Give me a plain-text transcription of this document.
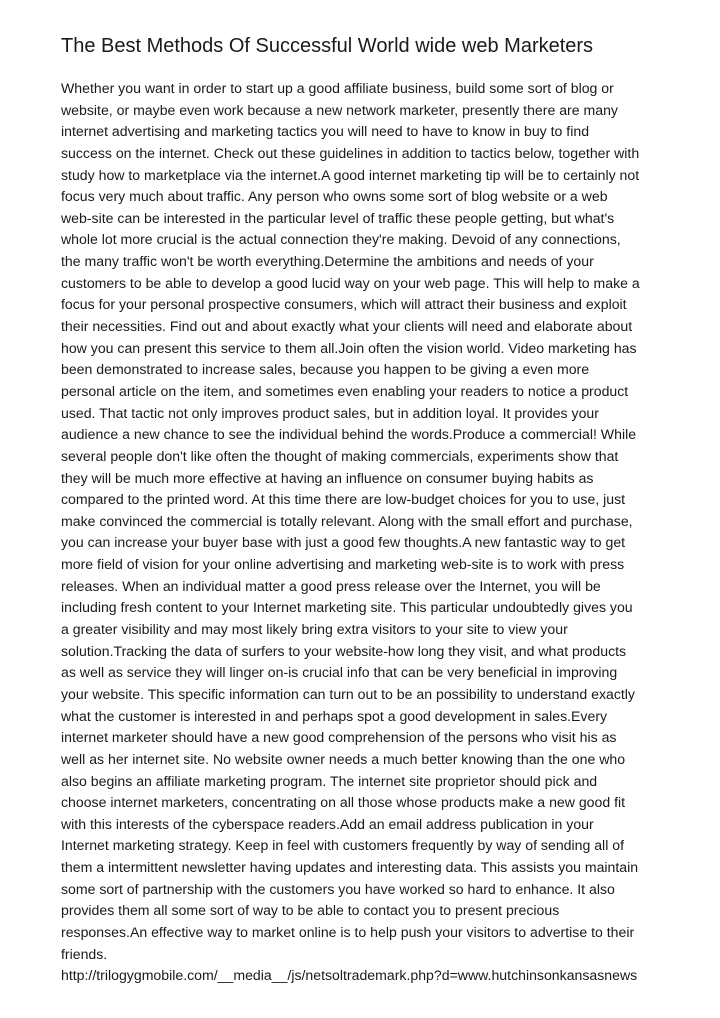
The Best Methods Of Successful World wide web Marketers
Whether you want in order to start up a good affiliate business, build some sort of blog or
website, or maybe even work because a new network marketer, presently there are many
internet advertising and marketing tactics you will need to have to know in buy to find
success on the internet. Check out these guidelines in addition to tactics below, together with
study how to marketplace via the internet.A good internet marketing tip will be to certainly not
focus very much about traffic. Any person who owns some sort of blog website or a web
web-site can be interested in the particular level of traffic these people getting, but what's
whole lot more crucial is the actual connection they're making. Devoid of any connections,
the many traffic won't be worth everything.Determine the ambitions and needs of your
customers to be able to develop a good lucid way on your web page. This will help to make a
focus for your personal prospective consumers, which will attract their business and exploit
their necessities. Find out and about exactly what your clients will need and elaborate about
how you can present this service to them all.Join often the vision world. Video marketing has
been demonstrated to increase sales, because you happen to be giving a even more
personal article on the item, and sometimes even enabling your readers to notice a product
used. That tactic not only improves product sales, but in addition loyal. It provides your
audience a new chance to see the individual behind the words.Produce a commercial! While
several people don't like often the thought of making commercials, experiments show that
they will be much more effective at having an influence on consumer buying habits as
compared to the printed word. At this time there are low-budget choices for you to use, just
make convinced the commercial is totally relevant. Along with the small effort and purchase,
you can increase your buyer base with just a good few thoughts.A new fantastic way to get
more field of vision for your online advertising and marketing web-site is to work with press
releases. When an individual matter a good press release over the Internet, you will be
including fresh content to your Internet marketing site. This particular undoubtedly gives you
a greater visibility and may most likely bring extra visitors to your site to view your
solution.Tracking the data of surfers to your website-how long they visit, and what products
as well as service they will linger on-is crucial info that can be very beneficial in improving
your website. This specific information can turn out to be an possibility to understand exactly
what the customer is interested in and perhaps spot a good development in sales.Every
internet marketer should have a new good comprehension of the persons who visit his as
well as her internet site. No website owner needs a much better knowing than the one who
also begins an affiliate marketing program. The internet site proprietor should pick and
choose internet marketers, concentrating on all those whose products make a new good fit
with this interests of the cyberspace readers.Add an email address publication in your
Internet marketing strategy. Keep in feel with customers frequently by way of sending all of
them a intermittent newsletter having updates and interesting data. This assists you maintain
some sort of partnership with the customers you have worked so hard to enhance. It also
provides them all some sort of way to be able to contact you to present precious
responses.An effective way to market online is to help push your visitors to advertise to their
friends.
http://trilogygmobile.com/__media__/js/netsoltrademark.php?d=www.hutchinsonkansasnews
